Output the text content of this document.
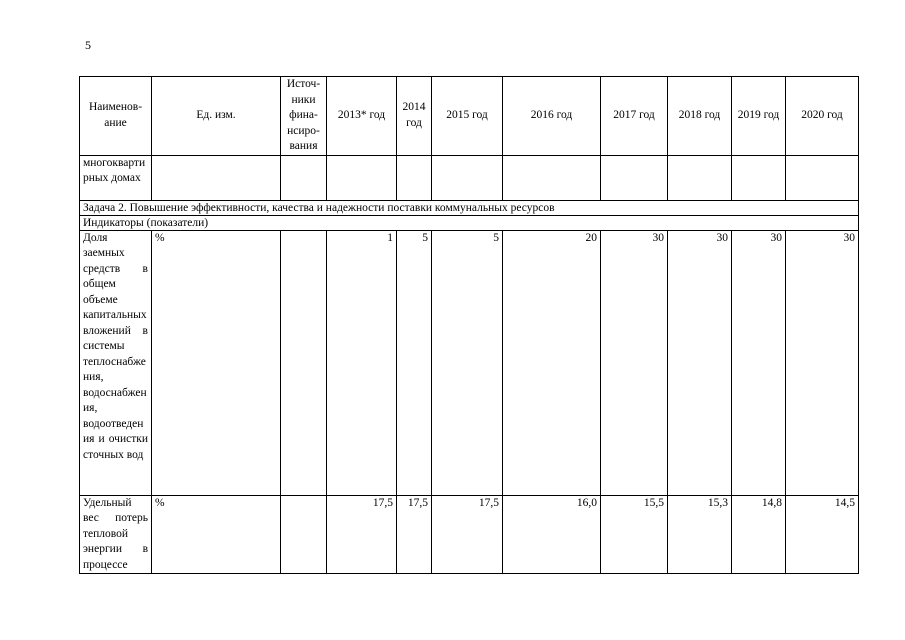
5
Наименование	Ед. изм.	Источники финансирования	2013* год	2014 год	2015 год	2016 год	2017 год	2018 год	2019 год	2020 год
многоквартирных домах										
Задача 2. Повышение эффективности, качества и надежности поставки коммунальных ресурсов										
Индикаторы (показатели)										
Доля заемных средств в общем объеме капитальных вложений в системы теплоснабжения, водоснабжения, водоотведения и очистки сточных вод	%		1	5	5	20	30	30	30	30
Удельный вес потерь тепловой энергии в процессе	%		17,5	17,5	17,5	16,0	15,5	15,3	14,8	14,5
